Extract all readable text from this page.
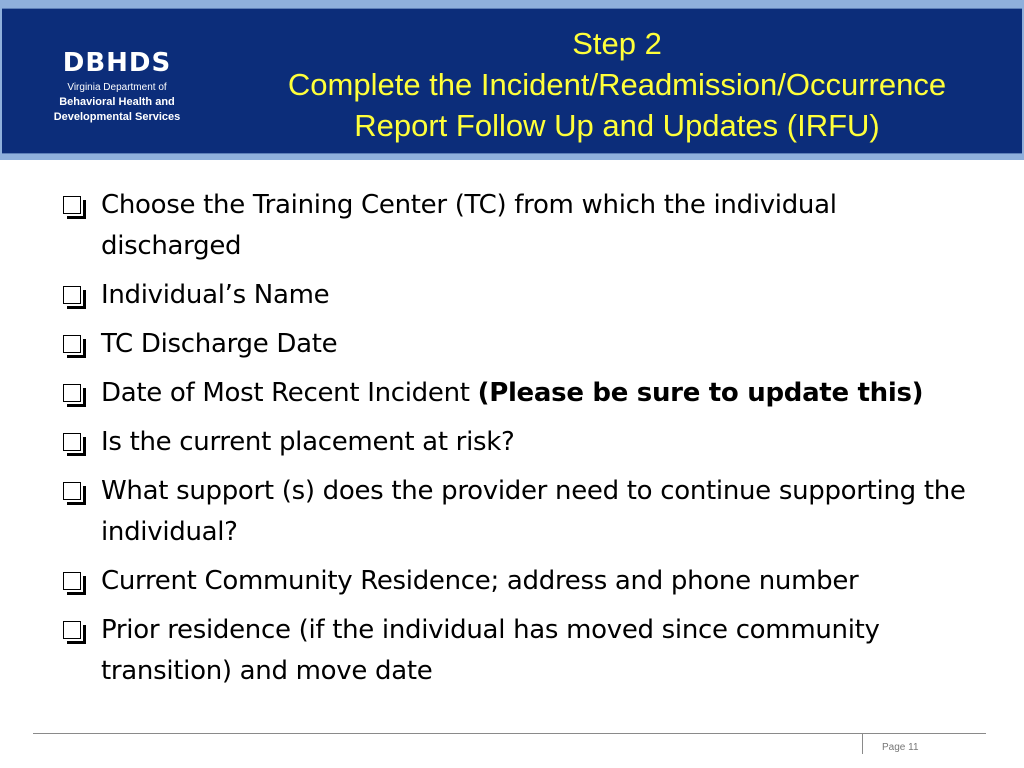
DBHDS
Virginia Department of
Behavioral Health and
Developmental Services
Step 2
Complete the Incident/Readmission/Occurrence
Report Follow Up and Updates (IRFU)
Choose the Training Center (TC) from which the individual discharged
Individual’s Name
TC Discharge Date
Date of Most Recent Incident (Please be sure to update this)
Is the current placement at risk?
What support (s) does the provider need to continue supporting the individual?
Current Community Residence; address and phone number
Prior residence (if the individual has moved since community transition) and move date
Page 11
